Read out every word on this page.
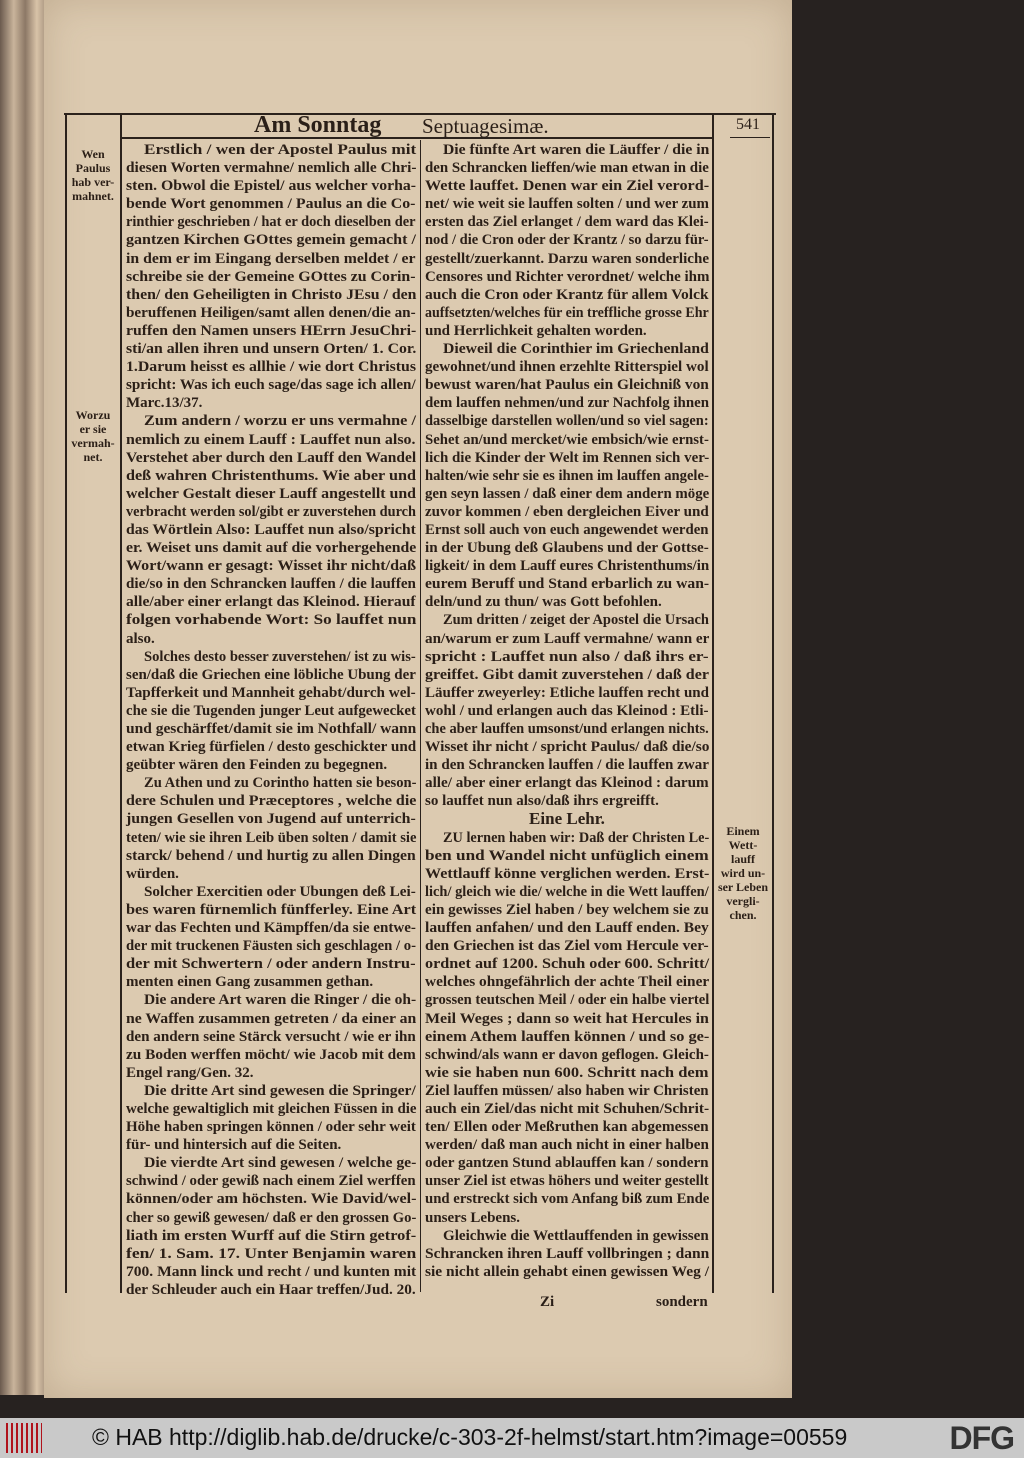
Am Sonntag Septuagesimæ.	541
Wen
Paulus
hab ver-
mahnet.
Worzu
er sie
vermah-
net.
Einem
Wett-
lauff
wird un-
ser Leben
vergli-
chen.
Erstlich / wen der Apostel Paulus mit
diesen Worten vermahne/ nemlich alle Chri-
sten. Obwol die Epistel/ aus welcher vorha-
bende Wort genommen / Paulus an die Co-
rinthier geschrieben / hat er doch dieselben der
gantzen Kirchen GOttes gemein gemacht /
in dem er im Eingang derselben meldet / er
schreibe sie der Gemeine GOttes zu Corin-
then/ den Geheiligten in Christo JEsu / den
beruffenen Heiligen/samt allen denen/die an-
ruffen den Namen unsers HErrn JesuChri-
sti/an allen ihren und unsern Orten/ 1. Cor.
1.Darum heisst es allhie / wie dort Christus
spricht: Was ich euch sage/das sage ich allen/
Marc.13/37.
Zum andern / worzu er uns vermahne /
nemlich zu einem Lauff : Lauffet nun also.
Verstehet aber durch den Lauff den Wandel
deß wahren Christenthums. Wie aber und
welcher Gestalt dieser Lauff angestellt und
verbracht werden sol/gibt er zuverstehen durch
das Wörtlein Also: Lauffet nun also/spricht
er. Weiset uns damit auf die vorhergehende
Wort/wann er gesagt: Wisset ihr nicht/daß
die/so in den Schrancken lauffen / die lauffen
alle/aber einer erlangt das Kleinod. Hierauf
folgen vorhabende Wort: So lauffet nun
also.
Solches desto besser zuverstehen/ ist zu wis-
sen/daß die Griechen eine löbliche Ubung der
Tapfferkeit und Mannheit gehabt/durch wel-
che sie die Tugenden junger Leut aufgewecket
und geschärffet/damit sie im Nothfall/ wann
etwan Krieg fürfielen / desto geschickter und
geübter wären den Feinden zu begegnen.
Zu Athen und zu Corintho hatten sie beson-
dere Schulen und Præceptores , welche die
jungen Gesellen von Jugend auf unterrich-
teten/ wie sie ihren Leib üben solten / damit sie
starck/ behend / und hurtig zu allen Dingen
würden.
Solcher Exercitien oder Ubungen deß Lei-
bes waren fürnemlich fünfferley. Eine Art
war das Fechten und Kämpffen/da sie entwe-
der mit truckenen Fäusten sich geschlagen / o-
der mit Schwertern / oder andern Instru-
menten einen Gang zusammen gethan.
Die andere Art waren die Ringer / die oh-
ne Waffen zusammen getreten / da einer an
den andern seine Stärck versucht / wie er ihn
zu Boden werffen möcht/ wie Jacob mit dem
Engel rang/Gen. 32.
Die dritte Art sind gewesen die Springer/
welche gewaltiglich mit gleichen Füssen in die
Höhe haben springen können / oder sehr weit
für- und hintersich auf die Seiten.
Die vierdte Art sind gewesen / welche ge-
schwind / oder gewiß nach einem Ziel werffen
können/oder am höchsten. Wie David/wel-
cher so gewiß gewesen/ daß er den grossen Go-
liath im ersten Wurff auf die Stirn getrof-
fen/ 1. Sam. 17. Unter Benjamin waren
700. Mann linck und recht / und kunten mit
der Schleuder auch ein Haar treffen/Jud. 20.
Die fünfte Art waren die Läuffer / die in
den Schrancken lieffen/wie man etwan in die
Wette lauffet. Denen war ein Ziel verord-
net/ wie weit sie lauffen solten / und wer zum
ersten das Ziel erlanget / dem ward das Klei-
nod / die Cron oder der Krantz / so darzu für-
gestellt/zuerkannt. Darzu waren sonderliche
Censores und Richter verordnet/ welche ihm
auch die Cron oder Krantz für allem Volck
auffsetzten/welches für ein treffliche grosse Ehr
und Herrlichkeit gehalten worden.
Dieweil die Corinthier im Griechenland
gewohnet/und ihnen erzehlte Ritterspiel wol
bewust waren/hat Paulus ein Gleichniß von
dem lauffen nehmen/und zur Nachfolg ihnen
dasselbige darstellen wollen/und so viel sagen:
Sehet an/und mercket/wie embsich/wie ernst-
lich die Kinder der Welt im Rennen sich ver-
halten/wie sehr sie es ihnen im lauffen angele-
gen seyn lassen / daß einer dem andern möge
zuvor kommen / eben dergleichen Eiver und
Ernst soll auch von euch angewendet werden
in der Ubung deß Glaubens und der Gottse-
ligkeit/ in dem Lauff eures Christenthums/in
eurem Beruff und Stand erbarlich zu wan-
deln/und zu thun/ was Gott befohlen.
Zum dritten / zeiget der Apostel die Ursach
an/warum er zum Lauff vermahne/ wann er
spricht : Lauffet nun also / daß ihrs er-
greiffet. Gibt damit zuverstehen / daß der
Läuffer zweyerley: Etliche lauffen recht und
wohl / und erlangen auch das Kleinod : Etli-
che aber lauffen umsonst/und erlangen nichts.
Wisset ihr nicht / spricht Paulus/ daß die/so
in den Schrancken lauffen / die lauffen zwar
alle/ aber einer erlangt das Kleinod : darum
so lauffet nun also/daß ihrs ergreifft.
Eine Lehr.
ZU lernen haben wir: Daß der Christen Le-
ben und Wandel nicht unfüglich einem
Wettlauff könne verglichen werden. Erst-
lich/ gleich wie die/ welche in die Wett lauffen/
ein gewisses Ziel haben / bey welchem sie zu
lauffen anfahen/ und den Lauff enden. Bey
den Griechen ist das Ziel vom Hercule ver-
ordnet auf 1200. Schuh oder 600. Schritt/
welches ohngefährlich der achte Theil einer
grossen teutschen Meil / oder ein halbe viertel
Meil Weges ; dann so weit hat Hercules in
einem Athem lauffen können / und so ge-
schwind/als wann er davon geflogen. Gleich-
wie sie haben nun 600. Schritt nach dem
Ziel lauffen müssen/ also haben wir Christen
auch ein Ziel/das nicht mit Schuhen/Schrit-
ten/ Ellen oder Meßruthen kan abgemessen
werden/ daß man auch nicht in einer halben
oder gantzen Stund ablauffen kan / sondern
unser Ziel ist etwas höhers und weiter gestellt
und erstreckt sich vom Anfang biß zum Ende
unsers Lebens.
Gleichwie die Wettlauffenden in gewissen
Schrancken ihren Lauff vollbringen ; dann
sie nicht allein gehabt einen gewissen Weg /
Zi	sondern
© HAB http://diglib.hab.de/drucke/c-303-2f-helmst/start.htm?image=00559	DFG
